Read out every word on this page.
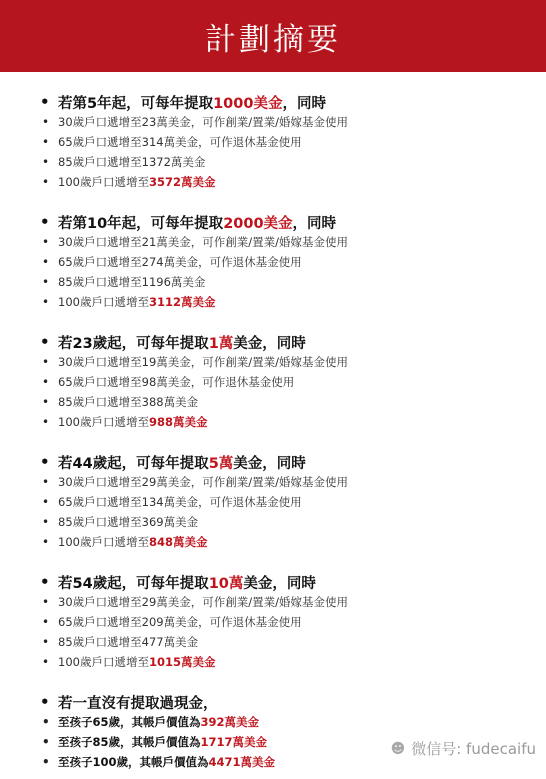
計劃摘要
• 若第5年起，可每年提取 1000美金 ，同時
• 30歲戶口遞增至23萬美金，可作創業/置業/婚嫁基金使用
• 65歲戶口遞增至314萬美金，可作退休基金使用
• 85歲戶口遞增至1372萬美金
• 100歲戶口遞增至 3572萬美金
• 若第10年起，可每年提取 2000美金 ，同時
• 30歲戶口遞增至21萬美金，可作創業/置業/婚嫁基金使用
• 65歲戶口遞增至274萬美金，可作退休基金使用
• 85歲戶口遞增至1196萬美金
• 100歲戶口遞增至 3112萬美金
• 若23歲起，可每年提取 1萬 美金，同時
• 30歲戶口遞增至19萬美金，可作創業/置業/婚嫁基金使用
• 65歲戶口遞增至98萬美金，可作退休基金使用
• 85歲戶口遞增至388萬美金
• 100歲戶口遞增至 988萬美金
• 若44歲起，可每年提取 5萬 美金，同時
• 30歲戶口遞增至29萬美金，可作創業/置業/婚嫁基金使用
• 65歲戶口遞增至134萬美金，可作退休基金使用
• 85歲戶口遞增至369萬美金
• 100歲戶口遞增至 848萬美金
• 若54歲起，可每年提取 10萬 美金，同時
• 30歲戶口遞增至29萬美金，可作創業/置業/婚嫁基金使用
• 65歲戶口遞增至209萬美金，可作退休基金使用
• 85歲戶口遞增至477萬美金
• 100歲戶口遞增至 1015萬美金
• 若一直沒有提取過現金，
• 至孩子65歲，其帳戶價值為 392萬美金
• 至孩子85歲，其帳戶價值為 1717萬美金
• 至孩子100歲，其帳戶價值為 4471萬美金
☻ 微信号: fudecaifu
